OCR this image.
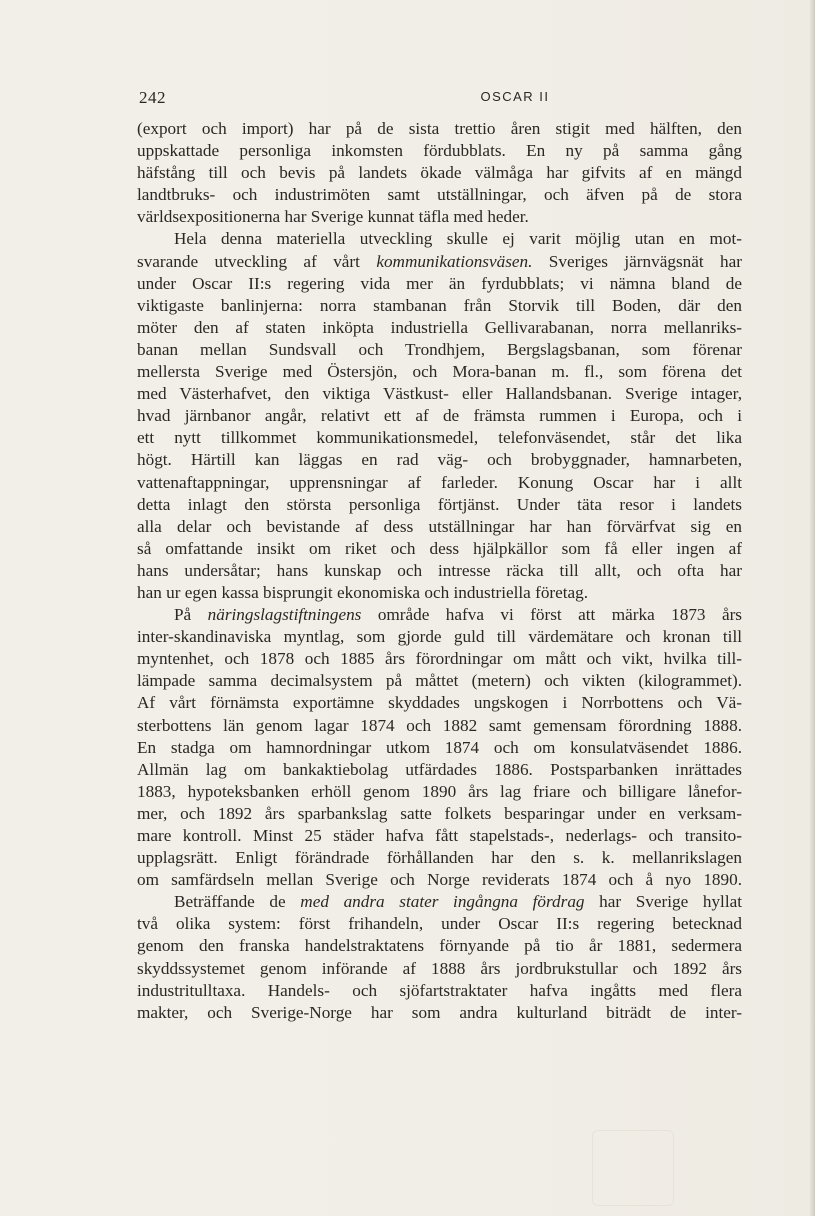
242	OSCAR II
(export och import) har på de sista trettio åren stigit med hälften, den
uppskattade personliga inkomsten fördubblats. En ny på samma gång
häfstång till och bevis på landets ökade välmåga har gifvits af en mängd
landtbruks- och industrimöten samt utställningar, och äfven på de stora
världsexpositionerna har Sverige kunnat täfla med heder.
Hela denna materiella utveckling skulle ej varit möjlig utan en mot-
svarande utveckling af vårt kommunikationsväsen. Sveriges järnvägsnät har
under Oscar II:s regering vida mer än fyrdubblats; vi nämna bland de
viktigaste banlinjerna: norra stambanan från Storvik till Boden, där den
möter den af staten inköpta industriella Gellivarabanan, norra mellanriks-
banan mellan Sundsvall och Trondhjem, Bergslagsbanan, som förenar
mellersta Sverige med Östersjön, och Mora-banan m. fl., som förena det
med Västerhafvet, den viktiga Västkust- eller Hallandsbanan. Sverige intager,
hvad järnbanor angår, relativt ett af de främsta rummen i Europa, och i
ett nytt tillkommet kommunikationsmedel, telefonväsendet, står det lika
högt. Härtill kan läggas en rad väg- och brobyggnader, hamnarbeten,
vattenaftappningar, upprensningar af farleder. Konung Oscar har i allt
detta inlagt den största personliga förtjänst. Under täta resor i landets
alla delar och bevistande af dess utställningar har han förvärfvat sig en
så omfattande insikt om riket och dess hjälpkällor som få eller ingen af
hans undersåtar; hans kunskap och intresse räcka till allt, och ofta har
han ur egen kassa bisprungit ekonomiska och industriella företag.
På näringslagstiftningens område hafva vi först att märka 1873 års
inter-skandinaviska myntlag, som gjorde guld till värdemätare och kronan till
myntenhet, och 1878 och 1885 års förordningar om mått och vikt, hvilka till-
lämpade samma decimalsystem på måttet (metern) och vikten (kilogrammet).
Af vårt förnämsta exportämne skyddades ungskogen i Norrbottens och Vä-
sterbottens län genom lagar 1874 och 1882 samt gemensam förordning 1888.
En stadga om hamnordningar utkom 1874 och om konsulatväsendet 1886.
Allmän lag om bankaktiebolag utfärdades 1886. Postsparbanken inrättades
1883, hypoteksbanken erhöll genom 1890 års lag friare och billigare lånefor-
mer, och 1892 års sparbankslag satte folkets besparingar under en verksam-
mare kontroll. Minst 25 städer hafva fått stapelstads-, nederlags- och transito-
upplagsrätt. Enligt förändrade förhållanden har den s. k. mellanrikslagen
om samfärdseln mellan Sverige och Norge reviderats 1874 och å nyo 1890.
Beträffande de med andra stater ingångna fördrag har Sverige hyllat
två olika system: först frihandeln, under Oscar II:s regering betecknad
genom den franska handelstraktatens förnyande på tio år 1881, sedermera
skyddssystemet genom införande af 1888 års jordbrukstullar och 1892 års
industritulltaxa. Handels- och sjöfartstraktater hafva ingåtts med flera
makter, och Sverige-Norge har som andra kulturland biträdt de inter-
